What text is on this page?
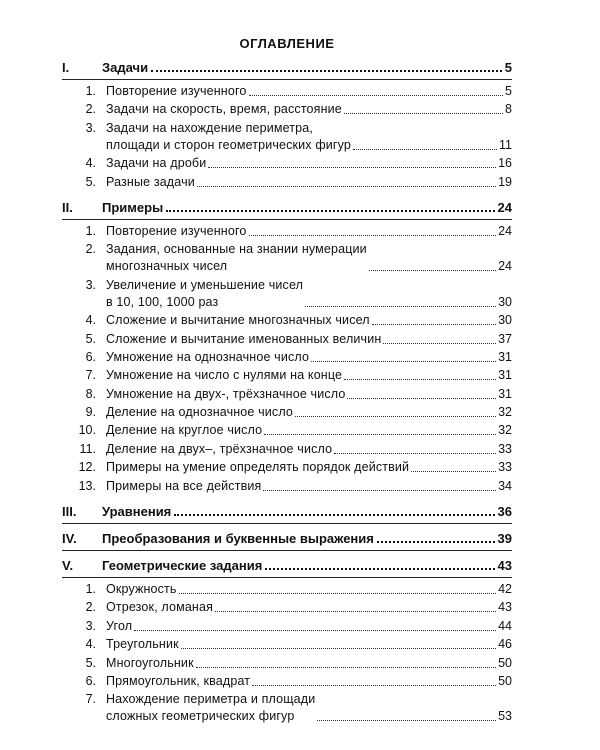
ОГЛАВЛЕНИЕ
I.	Задачи	5
1. Повторение изученного	5
2. Задачи на скорость, время, расстояние	8
3. Задачи на нахождение периметра,
площади и сторон геометрических фигур	11
4. Задачи на дроби	16
5. Разные задачи	19
II.	Примеры	24
1. Повторение изученного	24
2. Задания, основанные на знании нумерации
многозначных чисел	24
3. Увеличение и уменьшение чисел
в 10, 100, 1000 раз	30
4. Сложение и вычитание многозначных чисел	30
5. Сложение и вычитание именованных величин	37
6. Умножение на однозначное число	31
7. Умножение на число с нулями на конце	31
8. Умножение на двух-, трёхзначное число	31
9. Деление на однозначное число	32
10. Деление на круглое число	32
11. Деление на двух–, трёхзначное число	33
12. Примеры на умение определять порядок действий	33
13. Примеры на все действия	34
III.	Уравнения	36
IV.	Преобразования и буквенные выражения	39
V.	Геометрические задания	43
1. Окружность	42
2. Отрезок, ломаная	43
3. Угол	44
4. Треугольник	46
5. Многоугольник	50
6. Прямоугольник, квадрат	50
7. Нахождение периметра и площади
сложных геометрических фигур	53
